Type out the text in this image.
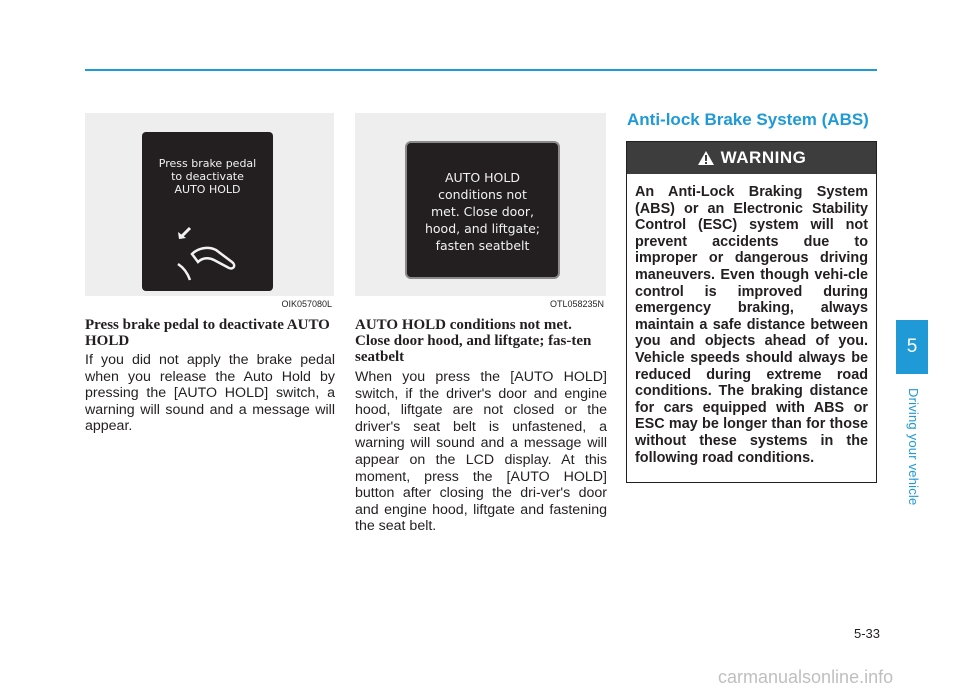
5
Driving your vehicle
Press brake pedal
to deactivate
AUTO HOLD
OIK057080L
AUTO HOLD
conditions not
met. Close door,
hood, and liftgate;
fasten seatbelt
OTL058235N
Press brake pedal to deactivate AUTO HOLD
If you did not apply the brake pedal when you release the Auto Hold by pressing the [AUTO HOLD] switch, a warning will sound and a message will appear.
AUTO HOLD conditions not met. Close door hood, and liftgate; fas-ten seatbelt
When you press the [AUTO HOLD] switch, if the driver's door and engine hood, liftgate are not closed or the driver's seat belt is unfastened, a warning will sound and a message will appear on the LCD display. At this moment, press the [AUTO HOLD] button after closing the dri-ver's door and engine hood, liftgate and fastening the seat belt.
Anti-lock Brake System (ABS)
WARNING
An Anti-Lock Braking System (ABS) or an Electronic Stability Control (ESC) system will not prevent accidents due to improper or dangerous driving maneuvers. Even though vehi-cle control is improved during emergency braking, always maintain a safe distance between you and objects ahead of you. Vehicle speeds should always be reduced during extreme road conditions. The braking distance for cars equipped with ABS or ESC may be longer than for those without these systems in the following road conditions.
5-33
carmanualsonline.info
